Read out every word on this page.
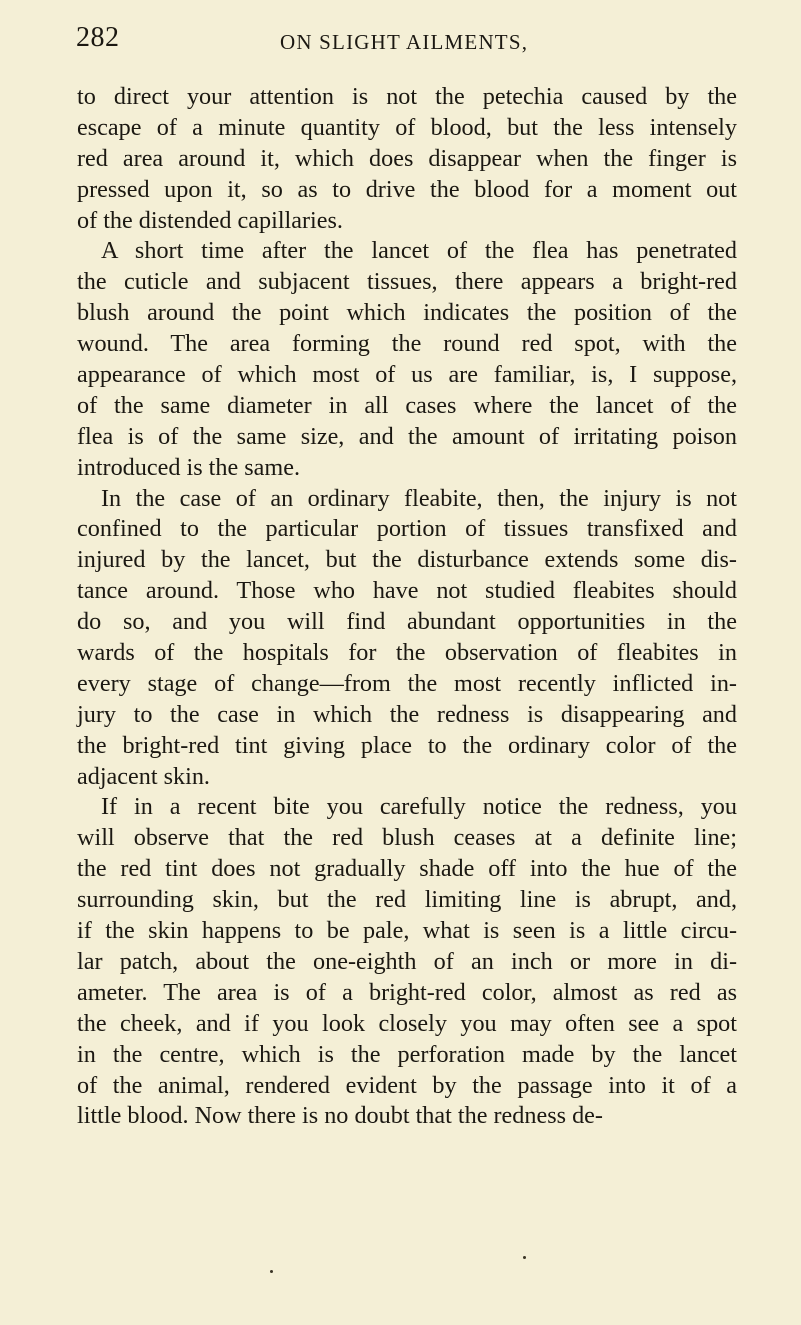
282	ON SLIGHT AILMENTS,
to direct your attention is not the petechia caused by the
escape of a minute quantity of blood, but the less intensely
red area around it, which does disappear when the finger is
pressed upon it, so as to drive the blood for a moment out
of the distended capillaries.
A short time after the lancet of the flea has penetrated
the cuticle and subjacent tissues, there appears a bright-red
blush around the point which indicates the position of the
wound. The area forming the round red spot, with the
appearance of which most of us are familiar, is, I suppose,
of the same diameter in all cases where the lancet of the
flea is of the same size, and the amount of irritating poison
introduced is the same.
In the case of an ordinary fleabite, then, the injury is not
confined to the particular portion of tissues transfixed and
injured by the lancet, but the disturbance extends some dis-
tance around. Those who have not studied fleabites should
do so, and you will find abundant opportunities in the
wards of the hospitals for the observation of fleabites in
every stage of change—from the most recently inflicted in-
jury to the case in which the redness is disappearing and
the bright-red tint giving place to the ordinary color of the
adjacent skin.
If in a recent bite you carefully notice the redness, you
will observe that the red blush ceases at a definite line;
the red tint does not gradually shade off into the hue of the
surrounding skin, but the red limiting line is abrupt, and,
if the skin happens to be pale, what is seen is a little circu-
lar patch, about the one-eighth of an inch or more in di-
ameter. The area is of a bright-red color, almost as red as
the cheek, and if you look closely you may often see a spot
in the centre, which is the perforation made by the lancet
of the animal, rendered evident by the passage into it of a
little blood. Now there is no doubt that the redness de-
